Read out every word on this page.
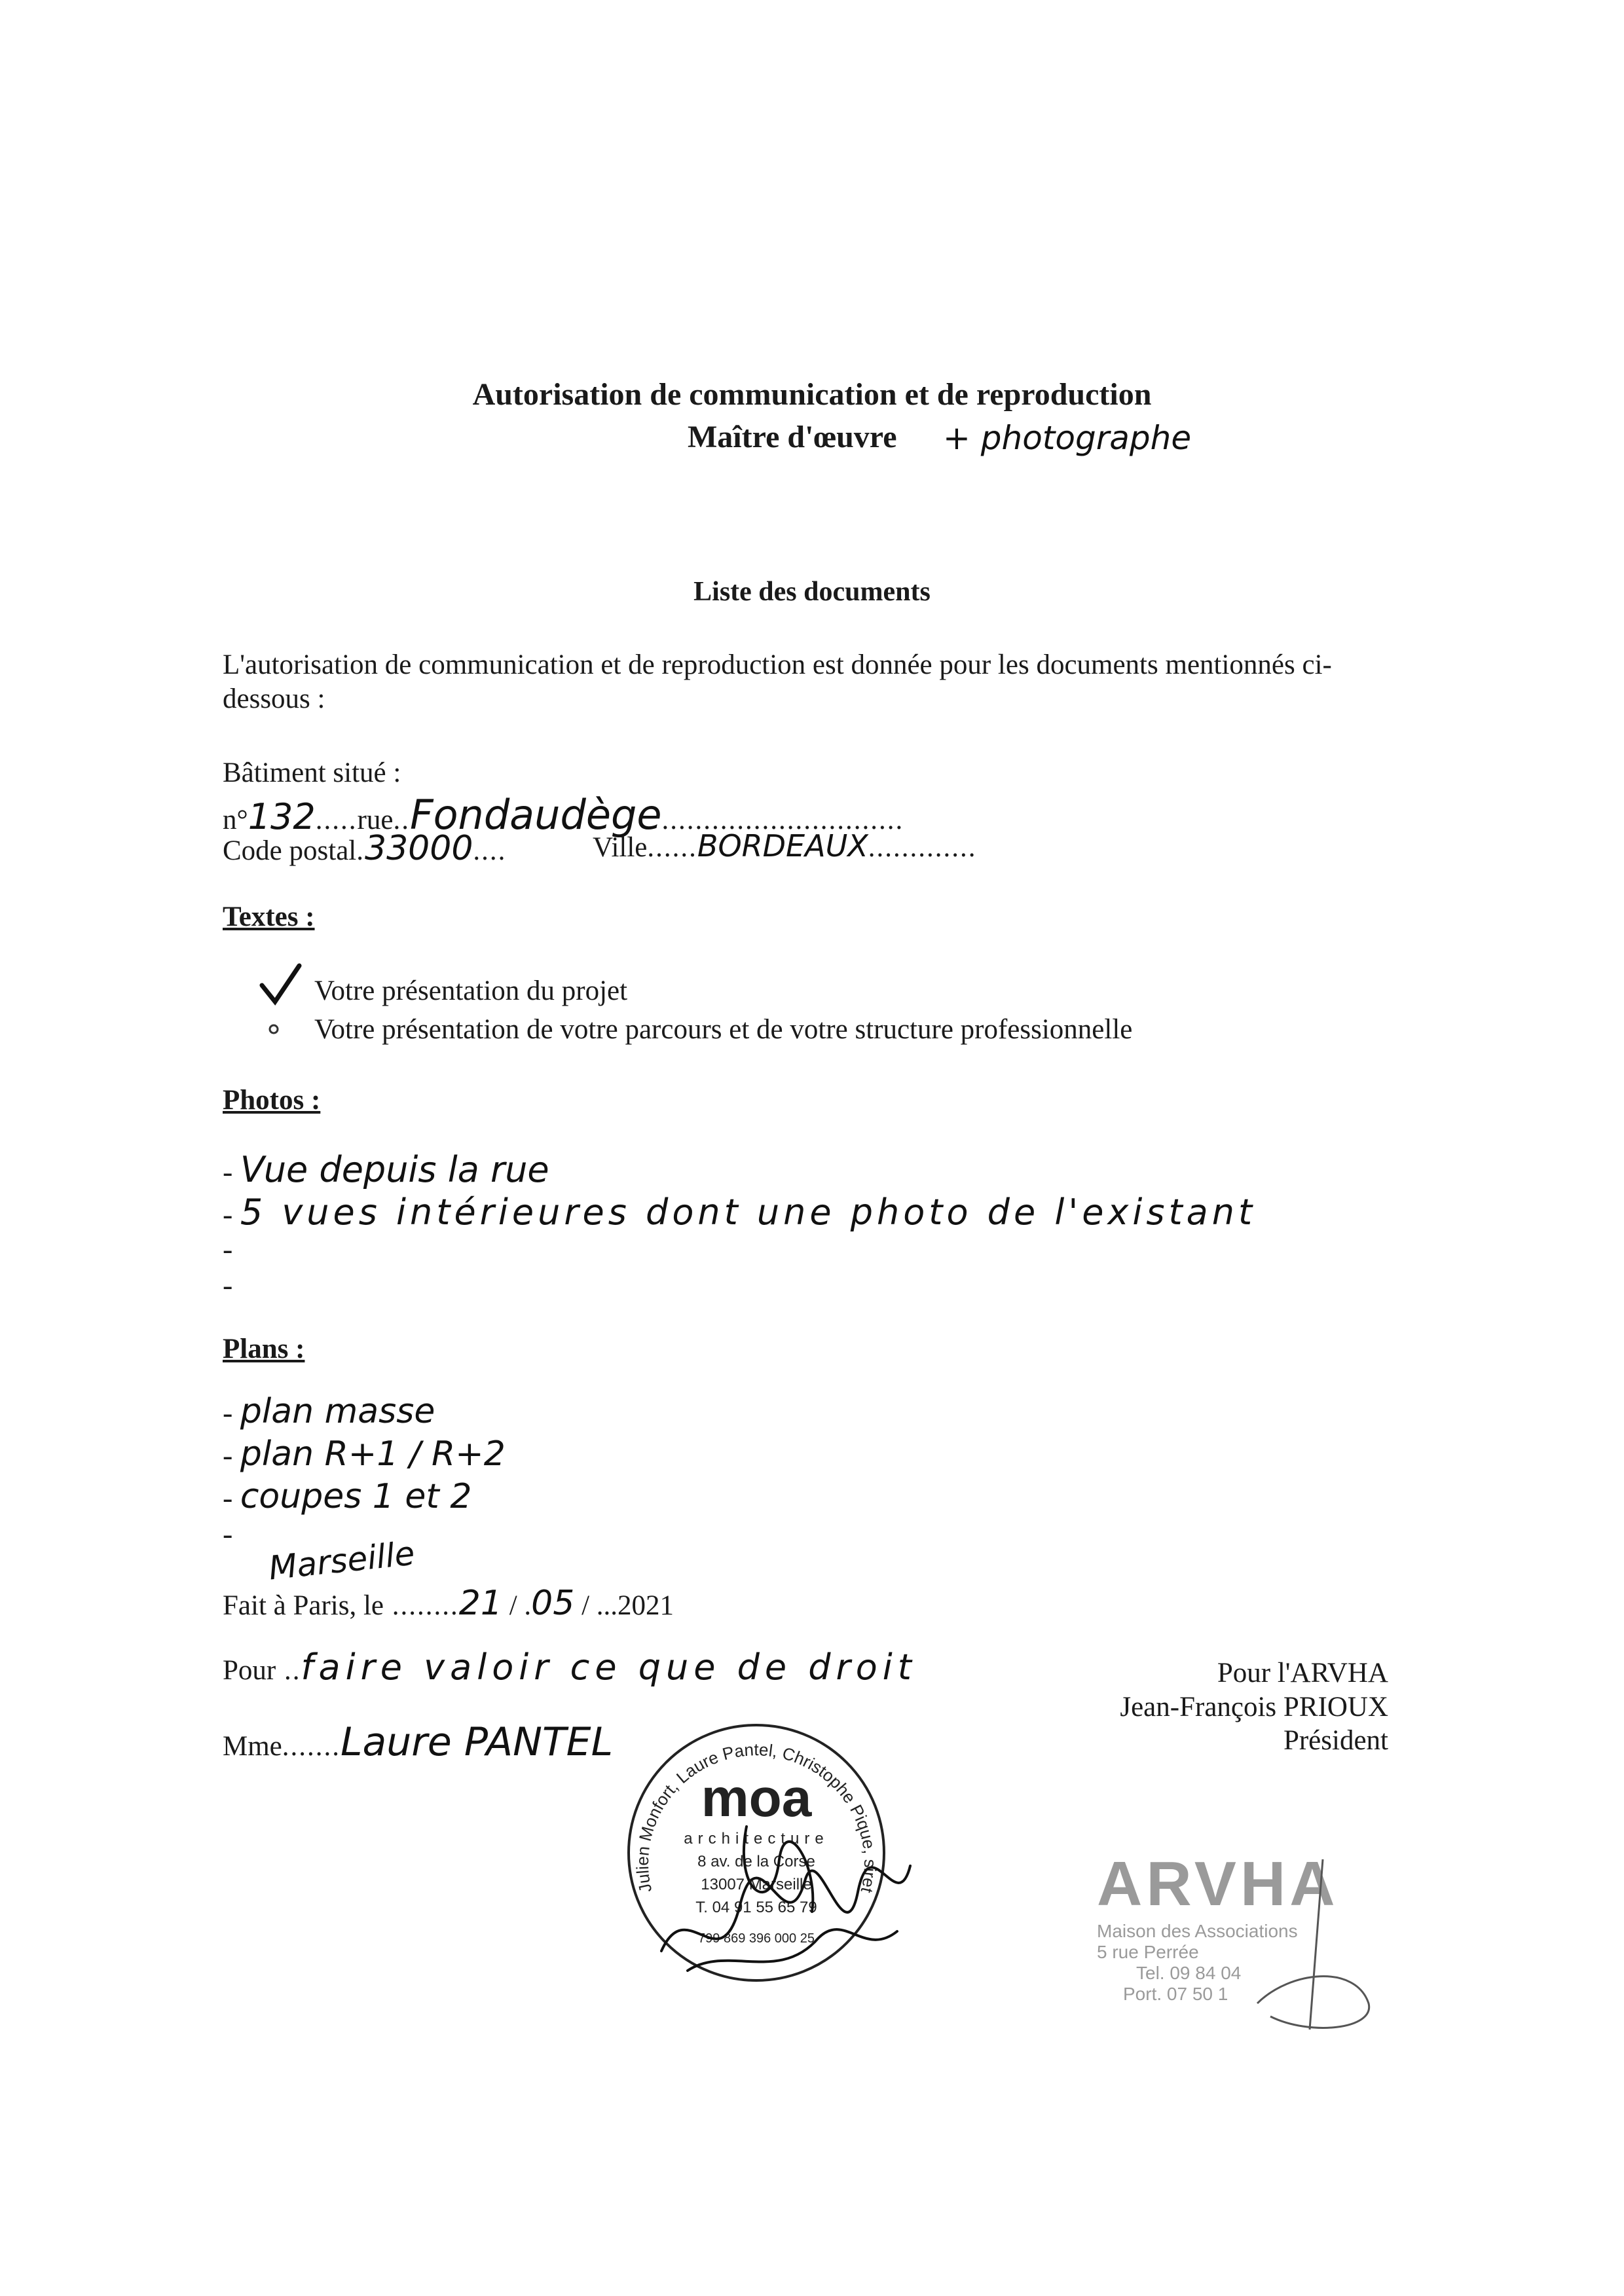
Autorisation de communication et de reproduction
Maître d'œuvre + photographe
Liste des documents
L'autorisation de communication et de reproduction est donnée pour les documents mentionnés ci-dessous :
Bâtiment situé :
n°132.....rue..Fondaudège.............................
Code postal.33000....	Ville......BORDEAUX.............
Textes :
Votre présentation du projet
Votre présentation de votre parcours et de votre structure professionnelle
Photos :
- Vue depuis la rue
- 5 vues intérieures dont une photo de l'existant
-
-
Plans :
- plan masse
- plan R+1 / R+2
- coupes 1 et 2
-
Marseille
Fait à Paris, le ........21 / .05 / ...2021
Pour ..faire valoir ce que de droit
Mme.......Laure PANTEL
Pour l'ARVHA
Jean-François PRIOUX
Président
Julien Monfort, Laure Pantel, Christophe Pique, siret
moa
architecture
8 av. de la Corse
13007 Marseille
T. 04 91 55 65 79
799 869 396 000 25
ARVHA
Maison des Associations
5 rue Perrée
Tel. 09 84 04
Port. 07 50 1
